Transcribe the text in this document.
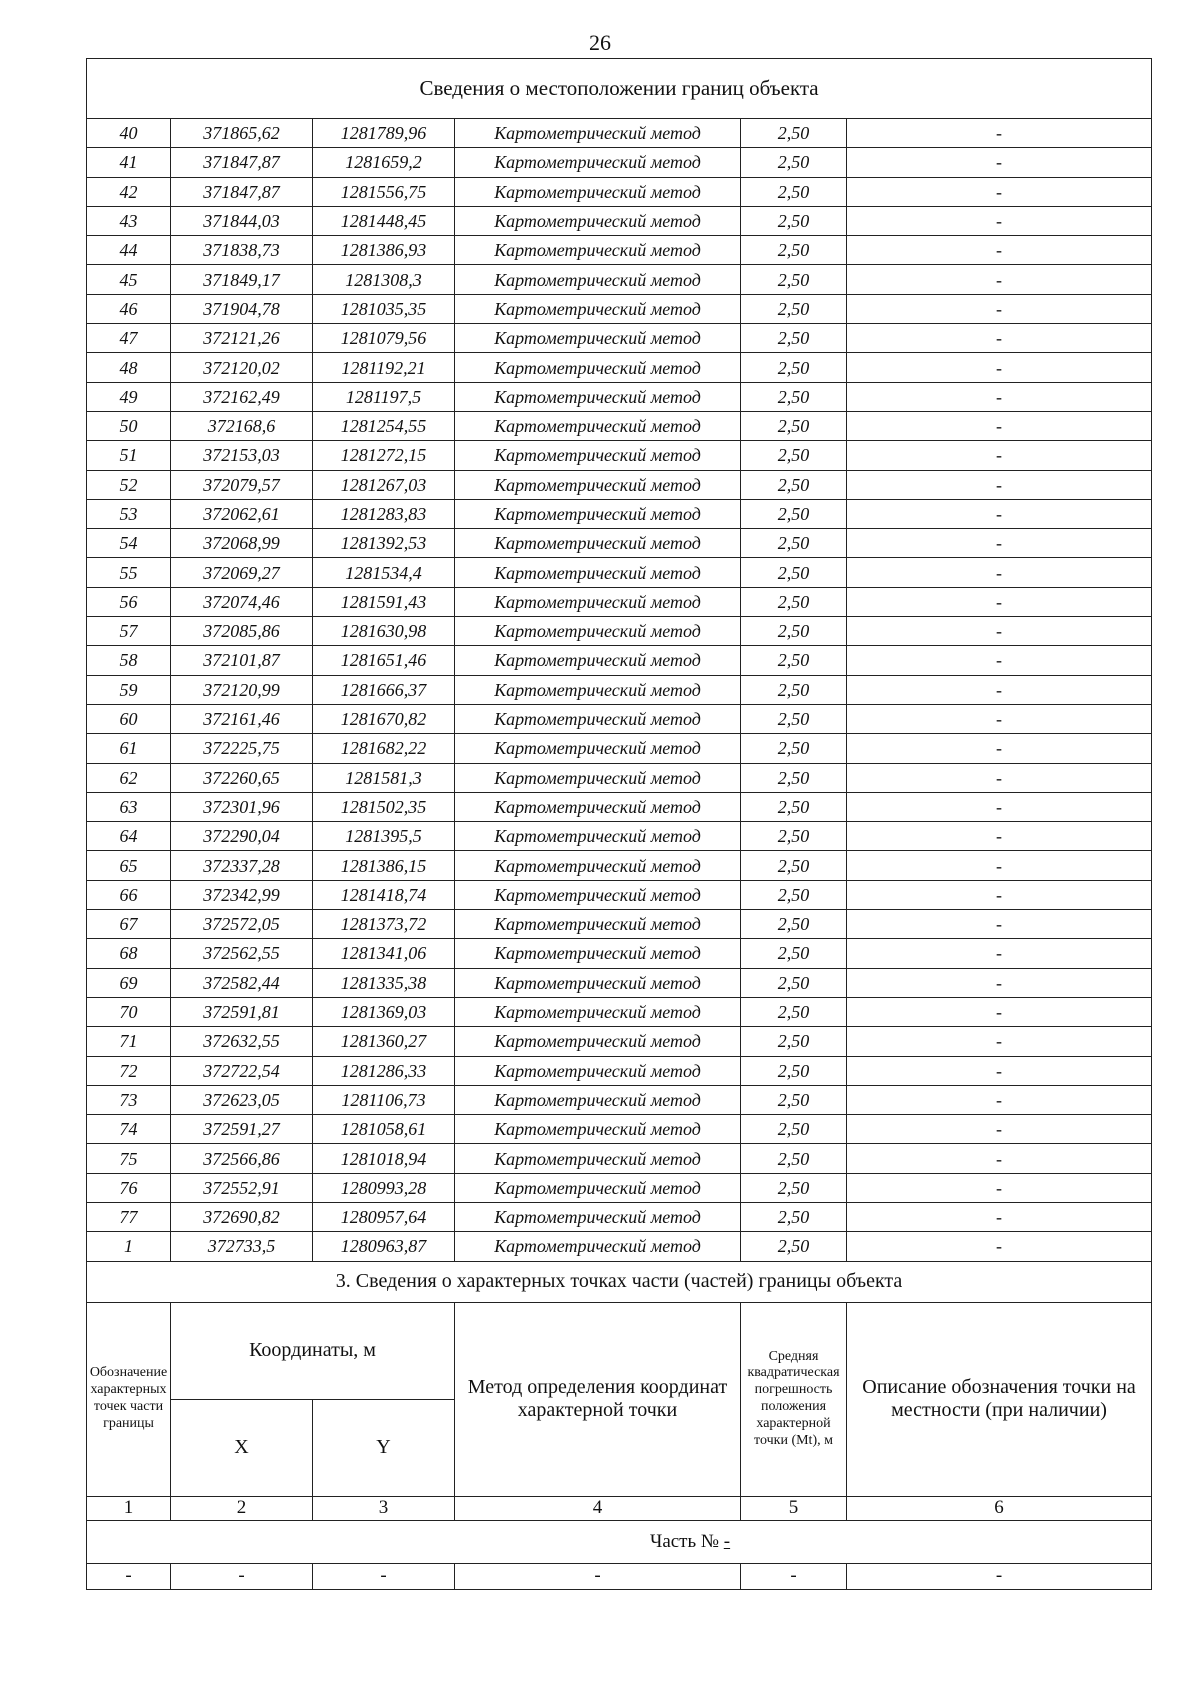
26
Сведения о местоположении границ объекта					
40	371865,62	1281789,96	Картометрический метод	2,50	-
41	371847,87	1281659,2	Картометрический метод	2,50	-
42	371847,87	1281556,75	Картометрический метод	2,50	-
43	371844,03	1281448,45	Картометрический метод	2,50	-
44	371838,73	1281386,93	Картометрический метод	2,50	-
45	371849,17	1281308,3	Картометрический метод	2,50	-
46	371904,78	1281035,35	Картометрический метод	2,50	-
47	372121,26	1281079,56	Картометрический метод	2,50	-
48	372120,02	1281192,21	Картометрический метод	2,50	-
49	372162,49	1281197,5	Картометрический метод	2,50	-
50	372168,6	1281254,55	Картометрический метод	2,50	-
51	372153,03	1281272,15	Картометрический метод	2,50	-
52	372079,57	1281267,03	Картометрический метод	2,50	-
53	372062,61	1281283,83	Картометрический метод	2,50	-
54	372068,99	1281392,53	Картометрический метод	2,50	-
55	372069,27	1281534,4	Картометрический метод	2,50	-
56	372074,46	1281591,43	Картометрический метод	2,50	-
57	372085,86	1281630,98	Картометрический метод	2,50	-
58	372101,87	1281651,46	Картометрический метод	2,50	-
59	372120,99	1281666,37	Картометрический метод	2,50	-
60	372161,46	1281670,82	Картометрический метод	2,50	-
61	372225,75	1281682,22	Картометрический метод	2,50	-
62	372260,65	1281581,3	Картометрический метод	2,50	-
63	372301,96	1281502,35	Картометрический метод	2,50	-
64	372290,04	1281395,5	Картометрический метод	2,50	-
65	372337,28	1281386,15	Картометрический метод	2,50	-
66	372342,99	1281418,74	Картометрический метод	2,50	-
67	372572,05	1281373,72	Картометрический метод	2,50	-
68	372562,55	1281341,06	Картометрический метод	2,50	-
69	372582,44	1281335,38	Картометрический метод	2,50	-
70	372591,81	1281369,03	Картометрический метод	2,50	-
71	372632,55	1281360,27	Картометрический метод	2,50	-
72	372722,54	1281286,33	Картометрический метод	2,50	-
73	372623,05	1281106,73	Картометрический метод	2,50	-
74	372591,27	1281058,61	Картометрический метод	2,50	-
75	372566,86	1281018,94	Картометрический метод	2,50	-
76	372552,91	1280993,28	Картометрический метод	2,50	-
77	372690,82	1280957,64	Картометрический метод	2,50	-
1	372733,5	1280963,87	Картометрический метод	2,50	-
3. Сведения о характерных точках части (частей) границы объекта					
Обозначение характерных точек части границы	Координаты, м		Метод определения координат характерной точки	Средняя квадратическая погрешность положения характерной точки (Mt), м	Описание обозначения точки на местности (при наличии)
	X	Y			
1	2	3	4	5	6
Часть № -					
-	-	-	-	-	-
